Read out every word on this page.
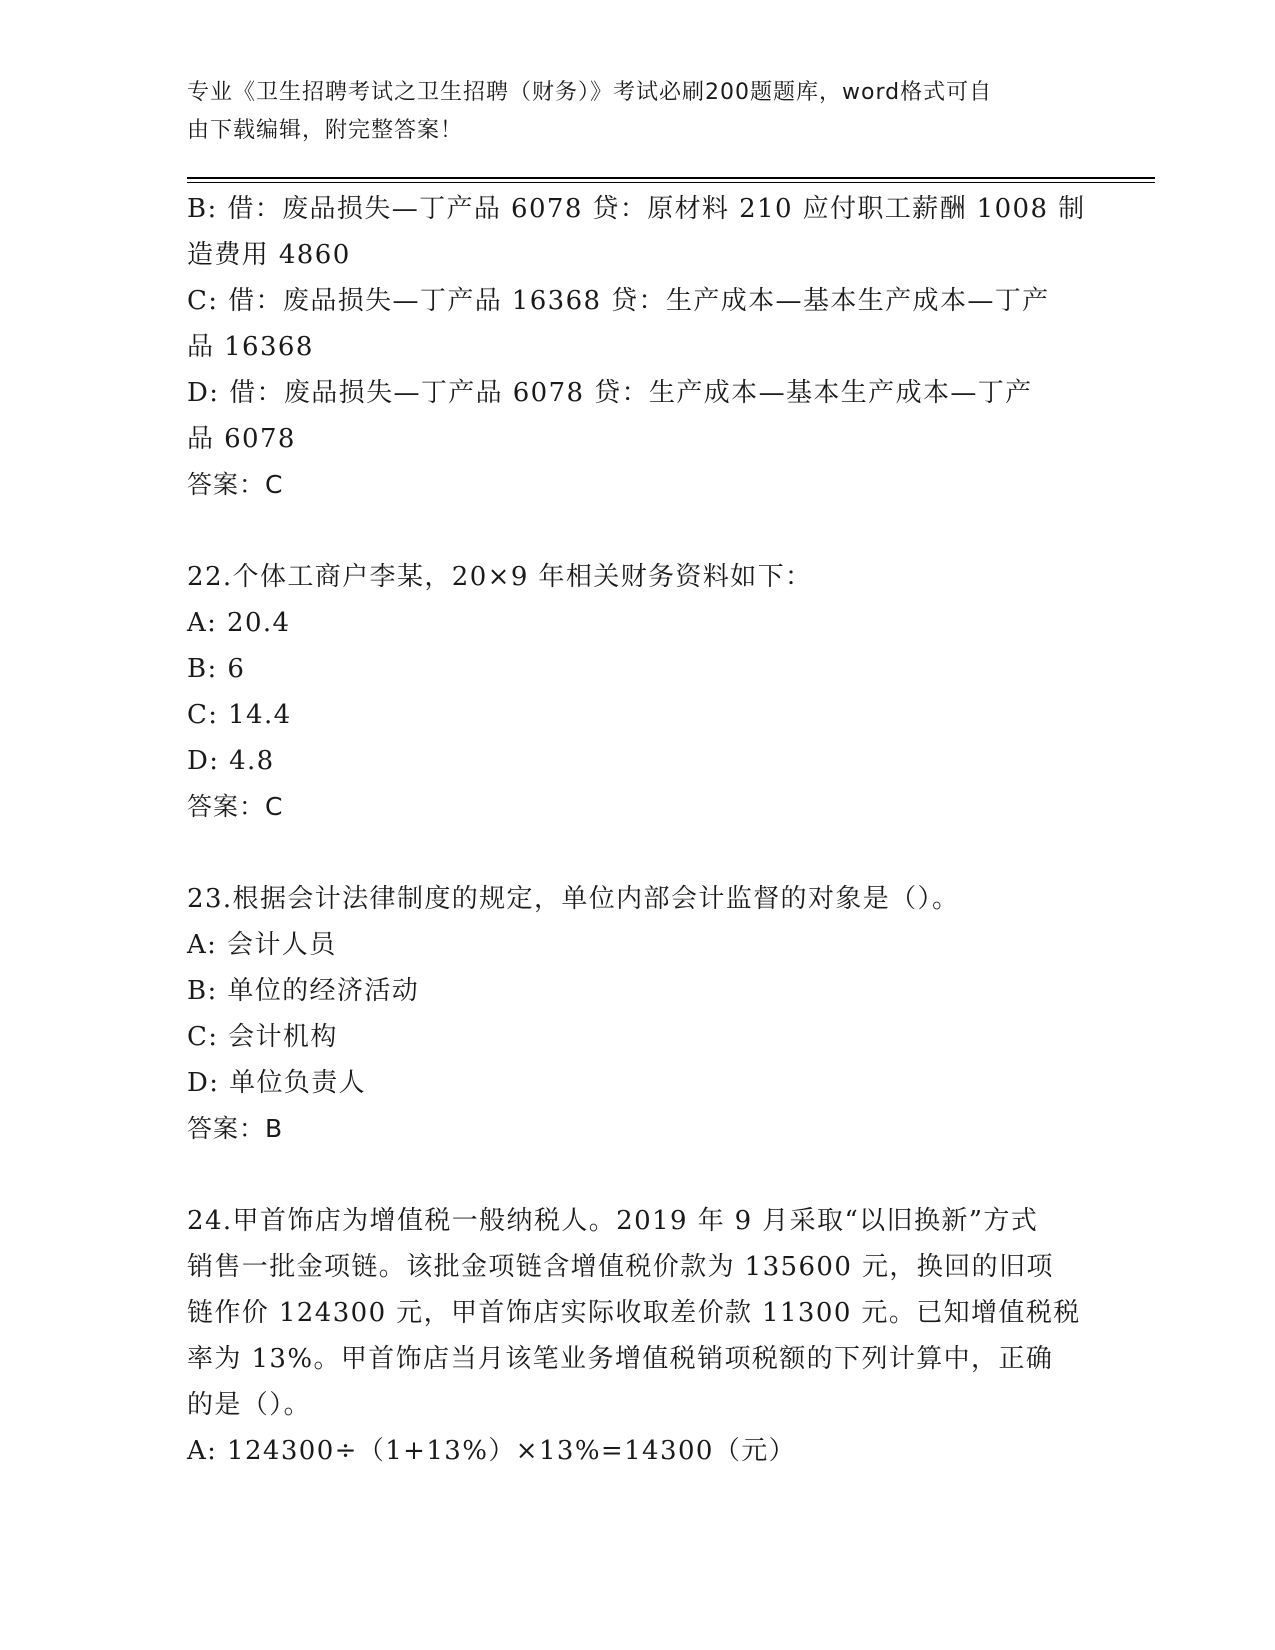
专业《卫生招聘考试之卫生招聘（财务）》考试必刷200题题库，word格式可自
由下载编辑，附完整答案！
B: 借：废品损失—丁产品 6078 贷：原材料 210 应付职工薪酬 1008 制
造费用 4860
C: 借：废品损失—丁产品 16368 贷：生产成本—基本生产成本—丁产
品 16368
D: 借：废品损失—丁产品 6078 贷：生产成本—基本生产成本—丁产
品 6078
答案：C
22.个体工商户李某，20×9 年相关财务资料如下：
A: 20.4
B: 6
C: 14.4
D: 4.8
答案：C
23.根据会计法律制度的规定，单位内部会计监督的对象是（）。
A: 会计人员
B: 单位的经济活动
C: 会计机构
D: 单位负责人
答案：B
24.甲首饰店为增值税一般纳税人。2019 年 9 月采取“以旧换新”方式
销售一批金项链。该批金项链含增值税价款为 135600 元，换回的旧项
链作价 124300 元，甲首饰店实际收取差价款 11300 元。已知增值税税
率为 13%。甲首饰店当月该笔业务增值税销项税额的下列计算中，正确
的是（）。
A: 124300÷（1+13%）×13%=14300（元）
